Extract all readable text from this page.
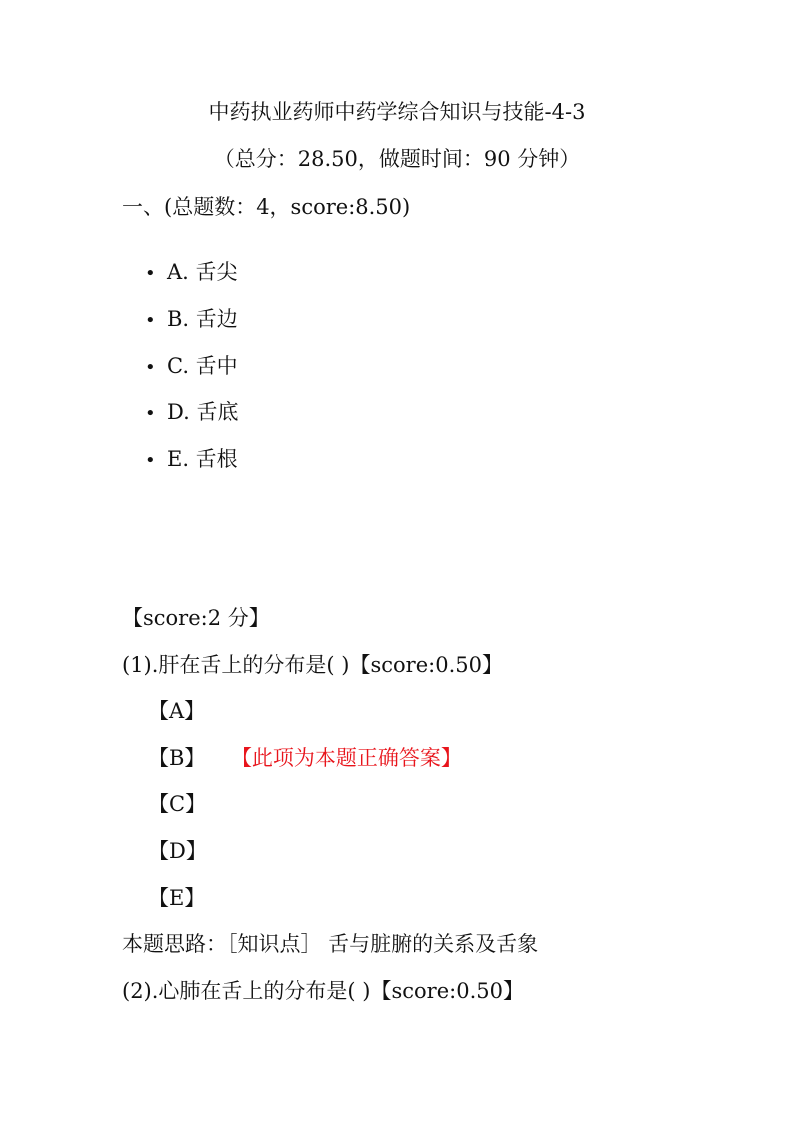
中药执业药师中药学综合知识与技能-4-3
（总分：28.50，做题时间：90 分钟）
一、(总题数：4，score:8.50)
• A. 舌尖
• B. 舌边
• C. 舌中
• D. 舌底
• E. 舌根
【score:2 分】
(1).肝在舌上的分布是( )【score:0.50】
【A】
【B】 【此项为本题正确答案】
【C】
【D】
【E】
本题思路：［知识点］ 舌与脏腑的关系及舌象
(2).心肺在舌上的分布是( )【score:0.50】
